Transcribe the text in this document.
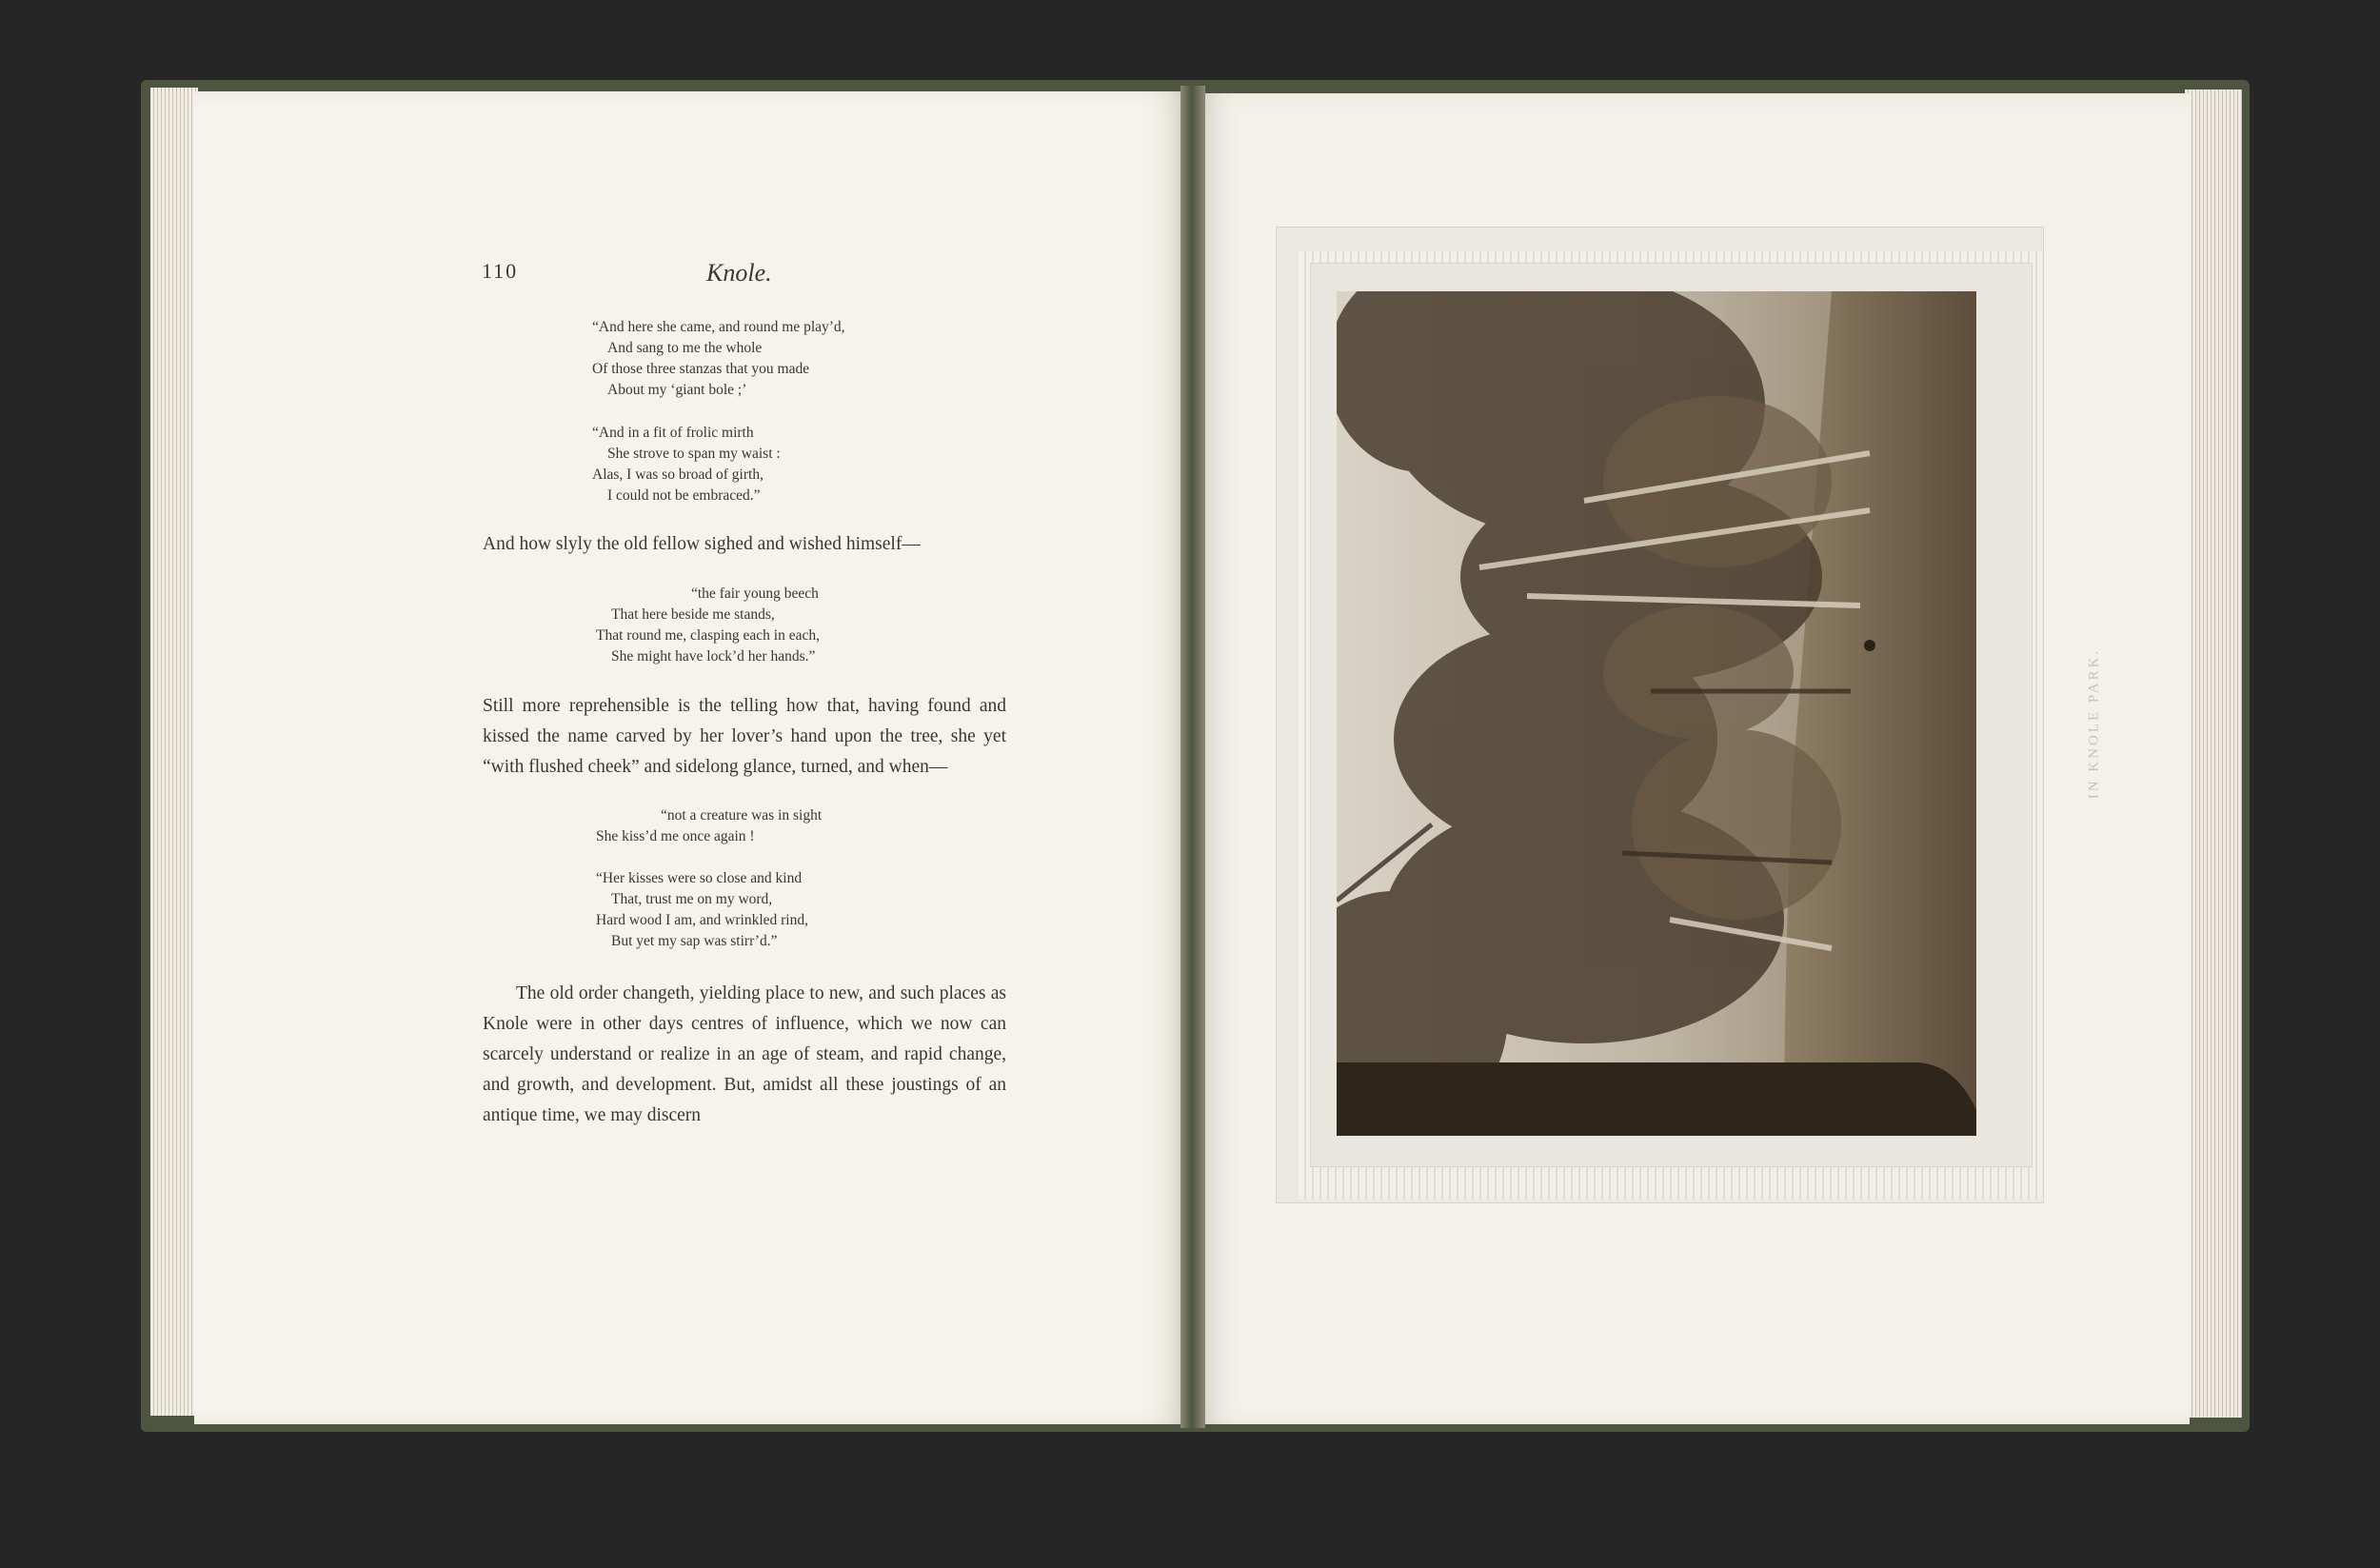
110	Knole.
“And here she came, and round me play’d,
And sang to me the whole
Of those three stanzas that you made
About my ‘giant bole ;’
“And in a fit of frolic mirth
She strove to span my waist :
Alas, I was so broad of girth,
I could not be embraced.”

And how slyly the old fellow sighed and wished himself—

“the fair young beech
That here beside me stands,
That round me, clasping each in each,
She might have lock’d her hands.”

Still more reprehensible is the telling how that, having found and kissed the name carved by her lover’s hand upon the tree, she yet “with flushed cheek” and sidelong glance, turned, and when—

“not a creature was in sight
She kiss’d me once again !
“Her kisses were so close and kind
That, trust me on my word,
Hard wood I am, and wrinkled rind,
But yet my sap was stirr’d.”

The old order changeth, yielding place to new, and such places as Knole were in other days centres of influence, which we now can scarcely understand or realize in an age of steam, and rapid change, and growth, and development. But, amidst all these joustings of an antique time, we may discern

IN KNOLE PARK.
